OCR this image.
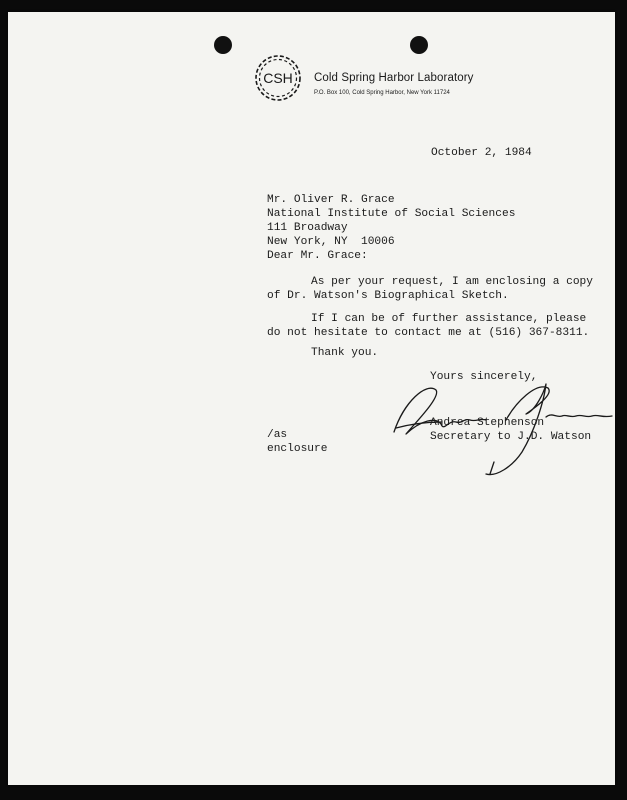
CSH Cold Spring Harbor Laboratory
P.O. Box 100, Cold Spring Harbor, New York 11724
October 2, 1984
Mr. Oliver R. Grace
National Institute of Social Sciences
111 Broadway
New York, NY  10006
Dear Mr. Grace:
As per your request, I am enclosing a copy
of Dr. Watson's Biographical Sketch.
If I can be of further assistance, please
do not hesitate to contact me at (516) 367-8311.
Thank you.
Yours sincerely,
Andrea Stephenson
Secretary to J.D. Watson
/as
enclosure
